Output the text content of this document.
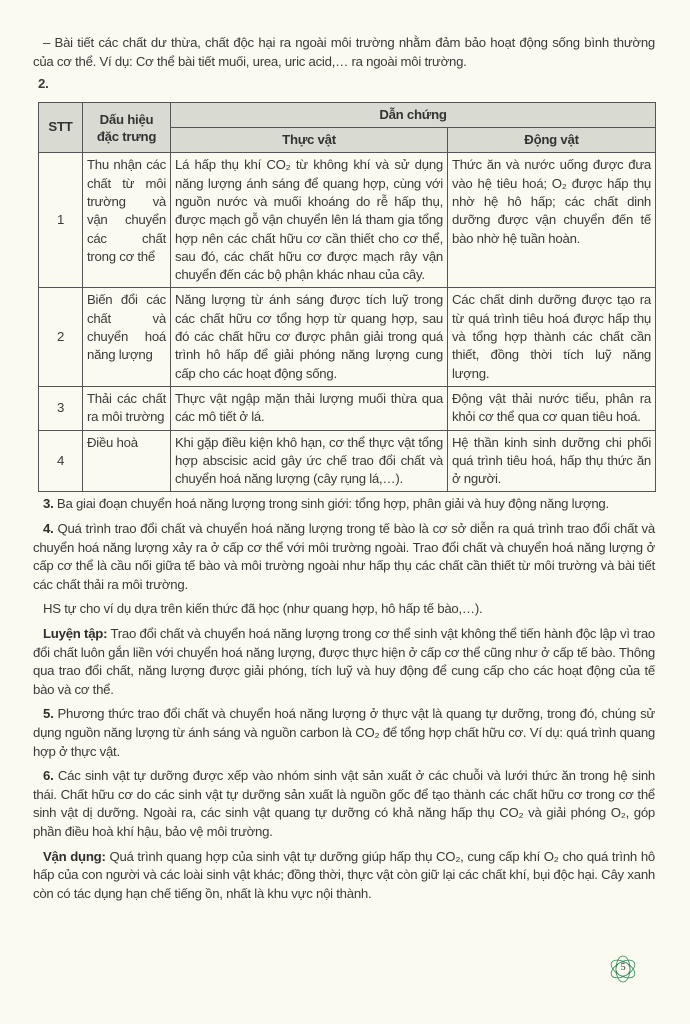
– Bài tiết các chất dư thừa, chất độc hại ra ngoài môi trường nhằm đảm bảo hoạt động sống bình thường của cơ thể. Ví dụ: Cơ thể bài tiết muối, urea, uric acid,… ra ngoài môi trường.

2.

STT	Dấu hiệu đặc trưng	Dẫn chứng	
		Thực vật	Động vật
1	Thu nhận các chất từ môi trường và vận chuyển các chất trong cơ thể	Lá hấp thụ khí CO₂ từ không khí và sử dụng năng lượng ánh sáng để quang hợp, cùng với nguồn nước và muối khoáng do rễ hấp thụ, được mạch gỗ vận chuyển lên lá tham gia tổng hợp nên các chất hữu cơ cần thiết cho cơ thể, sau đó, các chất hữu cơ được mạch rây vận chuyển đến các bộ phận khác nhau của cây.	Thức ăn và nước uống được đưa vào hệ tiêu hoá; O₂ được hấp thụ nhờ hệ hô hấp; các chất dinh dưỡng được vận chuyển đến tế bào nhờ hệ tuần hoàn.
2	Biến đổi các chất và chuyển hoá năng lượng	Năng lượng từ ánh sáng được tích luỹ trong các chất hữu cơ tổng hợp từ quang hợp, sau đó các chất hữu cơ được phân giải trong quá trình hô hấp để giải phóng năng lượng cung cấp cho các hoạt động sống.	Các chất dinh dưỡng được tạo ra từ quá trình tiêu hoá được hấp thụ và tổng hợp thành các chất cần thiết, đồng thời tích luỹ năng lượng.
3	Thải các chất ra môi trường	Thực vật ngập mặn thải lượng muối thừa qua các mô tiết ở lá.	Động vật thải nước tiểu, phân ra khỏi cơ thể qua cơ quan tiêu hoá.
4	Điều hoà	Khi gặp điều kiện khô hạn, cơ thể thực vật tổng hợp abscisic acid gây ức chế trao đổi chất và chuyển hoá năng lượng (cây rụng lá,…).	Hệ thần kinh sinh dưỡng chi phối quá trình tiêu hoá, hấp thụ thức ăn ở người.

3. Ba giai đoạn chuyển hoá năng lượng trong sinh giới: tổng hợp, phân giải và huy động năng lượng.

4. Quá trình trao đổi chất và chuyển hoá năng lượng trong tế bào là cơ sở diễn ra quá trình trao đổi chất và chuyển hoá năng lượng xảy ra ở cấp cơ thể với môi trường ngoài. Trao đổi chất và chuyển hoá năng lượng ở cấp cơ thể là cầu nối giữa tế bào và môi trường ngoài như hấp thụ các chất cần thiết từ môi trường và bài tiết các chất thải ra môi trường.

HS tự cho ví dụ dựa trên kiến thức đã học (như quang hợp, hô hấp tế bào,…).

Luyện tập: Trao đổi chất và chuyển hoá năng lượng trong cơ thể sinh vật không thể tiến hành độc lập vì trao đổi chất luôn gắn liền với chuyển hoá năng lượng, được thực hiện ở cấp cơ thể cũng như ở cấp tế bào. Thông qua trao đổi chất, năng lượng được giải phóng, tích luỹ và huy động để cung cấp cho các hoạt động của tế bào và cơ thể.

5. Phương thức trao đổi chất và chuyển hoá năng lượng ở thực vật là quang tự dưỡng, trong đó, chúng sử dụng nguồn năng lượng từ ánh sáng và nguồn carbon là CO₂ để tổng hợp chất hữu cơ. Ví dụ: quá trình quang hợp ở thực vật.

6. Các sinh vật tự dưỡng được xếp vào nhóm sinh vật sản xuất ở các chuỗi và lưới thức ăn trong hệ sinh thái. Chất hữu cơ do các sinh vật tự dưỡng sản xuất là nguồn gốc để tạo thành các chất hữu cơ trong cơ thể sinh vật dị dưỡng. Ngoài ra, các sinh vật quang tự dưỡng có khả năng hấp thụ CO₂ và giải phóng O₂, góp phần điều hoà khí hậu, bảo vệ môi trường.

Vận dụng: Quá trình quang hợp của sinh vật tự dưỡng giúp hấp thụ CO₂, cung cấp khí O₂ cho quá trình hô hấp của con người và các loài sinh vật khác; đồng thời, thực vật còn giữ lại các chất khí, bụi độc hại. Cây xanh còn có tác dụng hạn chế tiếng ồn, nhất là khu vực nội thành.

5
